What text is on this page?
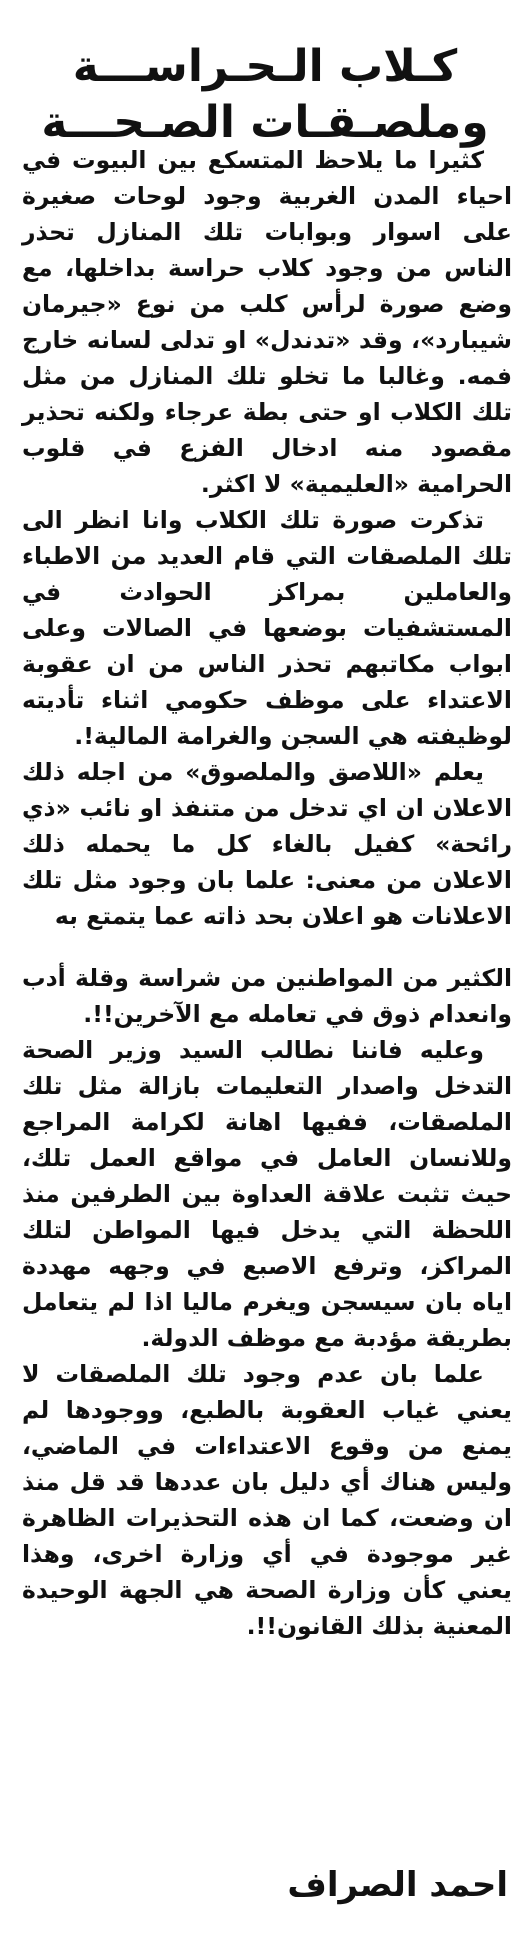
كـلاب الـحـراســـة
وملصـقـات الصـحـــة

كثيرا ما يلاحظ المتسكع بين البيوت في احياء المدن الغربية وجود لوحات صغيرة على اسوار وبوابات تلك المنازل تحذر الناس من وجود كلاب حراسة بداخلها، مع وضع صورة لرأس كلب من نوع «جيرمان شيبارد»، وقد «تدندل» او تدلى لسانه خارج فمه. وغالبا ما تخلو تلك المنازل من مثل تلك الكلاب او حتى بطة عرجاء ولكنه تحذير مقصود منه ادخال الفزع في قلوب الحرامية «العليمية» لا اكثر.

تذكرت صورة تلك الكلاب وانا انظر الى تلك الملصقات التي قام العديد من الاطباء والعاملين بمراكز الحوادث في المستشفيات بوضعها في الصالات وعلى ابواب مكاتبهم تحذر الناس من ان عقوبة الاعتداء على موظف حكومي اثناء تأديته لوظيفته هي السجن والغرامة المالية!.

يعلم «اللاصق والملصوق» من اجله ذلك الاعلان ان اي تدخل من متنفذ او نائب «ذي رائحة» كفيل بالغاء كل ما يحمله ذلك الاعلان من معنى: علما بان وجود مثل تلك الاعلانات هو اعلان بحد ذاته عما يتمتع به

الكثير من المواطنين من شراسة وقلة أدب وانعدام ذوق في تعامله مع الآخرين!!.

وعليه فاننا نطالب السيد وزير الصحة التدخل واصدار التعليمات بازالة مثل تلك الملصقات، ففيها اهانة لكرامة المراجع وللانسان العامل في مواقع العمل تلك، حيث تثبت علاقة العداوة بين الطرفين منذ اللحظة التي يدخل فيها المواطن لتلك المراكز، وترفع الاصبع في وجهه مهددة اياه بان سيسجن ويغرم ماليا اذا لم يتعامل بطريقة مؤدبة مع موظف الدولة.

علما بان عدم وجود تلك الملصقات لا يعني غياب العقوبة بالطبع، ووجودها لم يمنع من وقوع الاعتداءات في الماضي، وليس هناك أي دليل بان عددها قد قل منذ ان وضعت، كما ان هذه التحذيرات الظاهرة غير موجودة في أي وزارة اخرى، وهذا يعني كأن وزارة الصحة هي الجهة الوحيدة المعنية بذلك القانون!!.

احمد الصراف
